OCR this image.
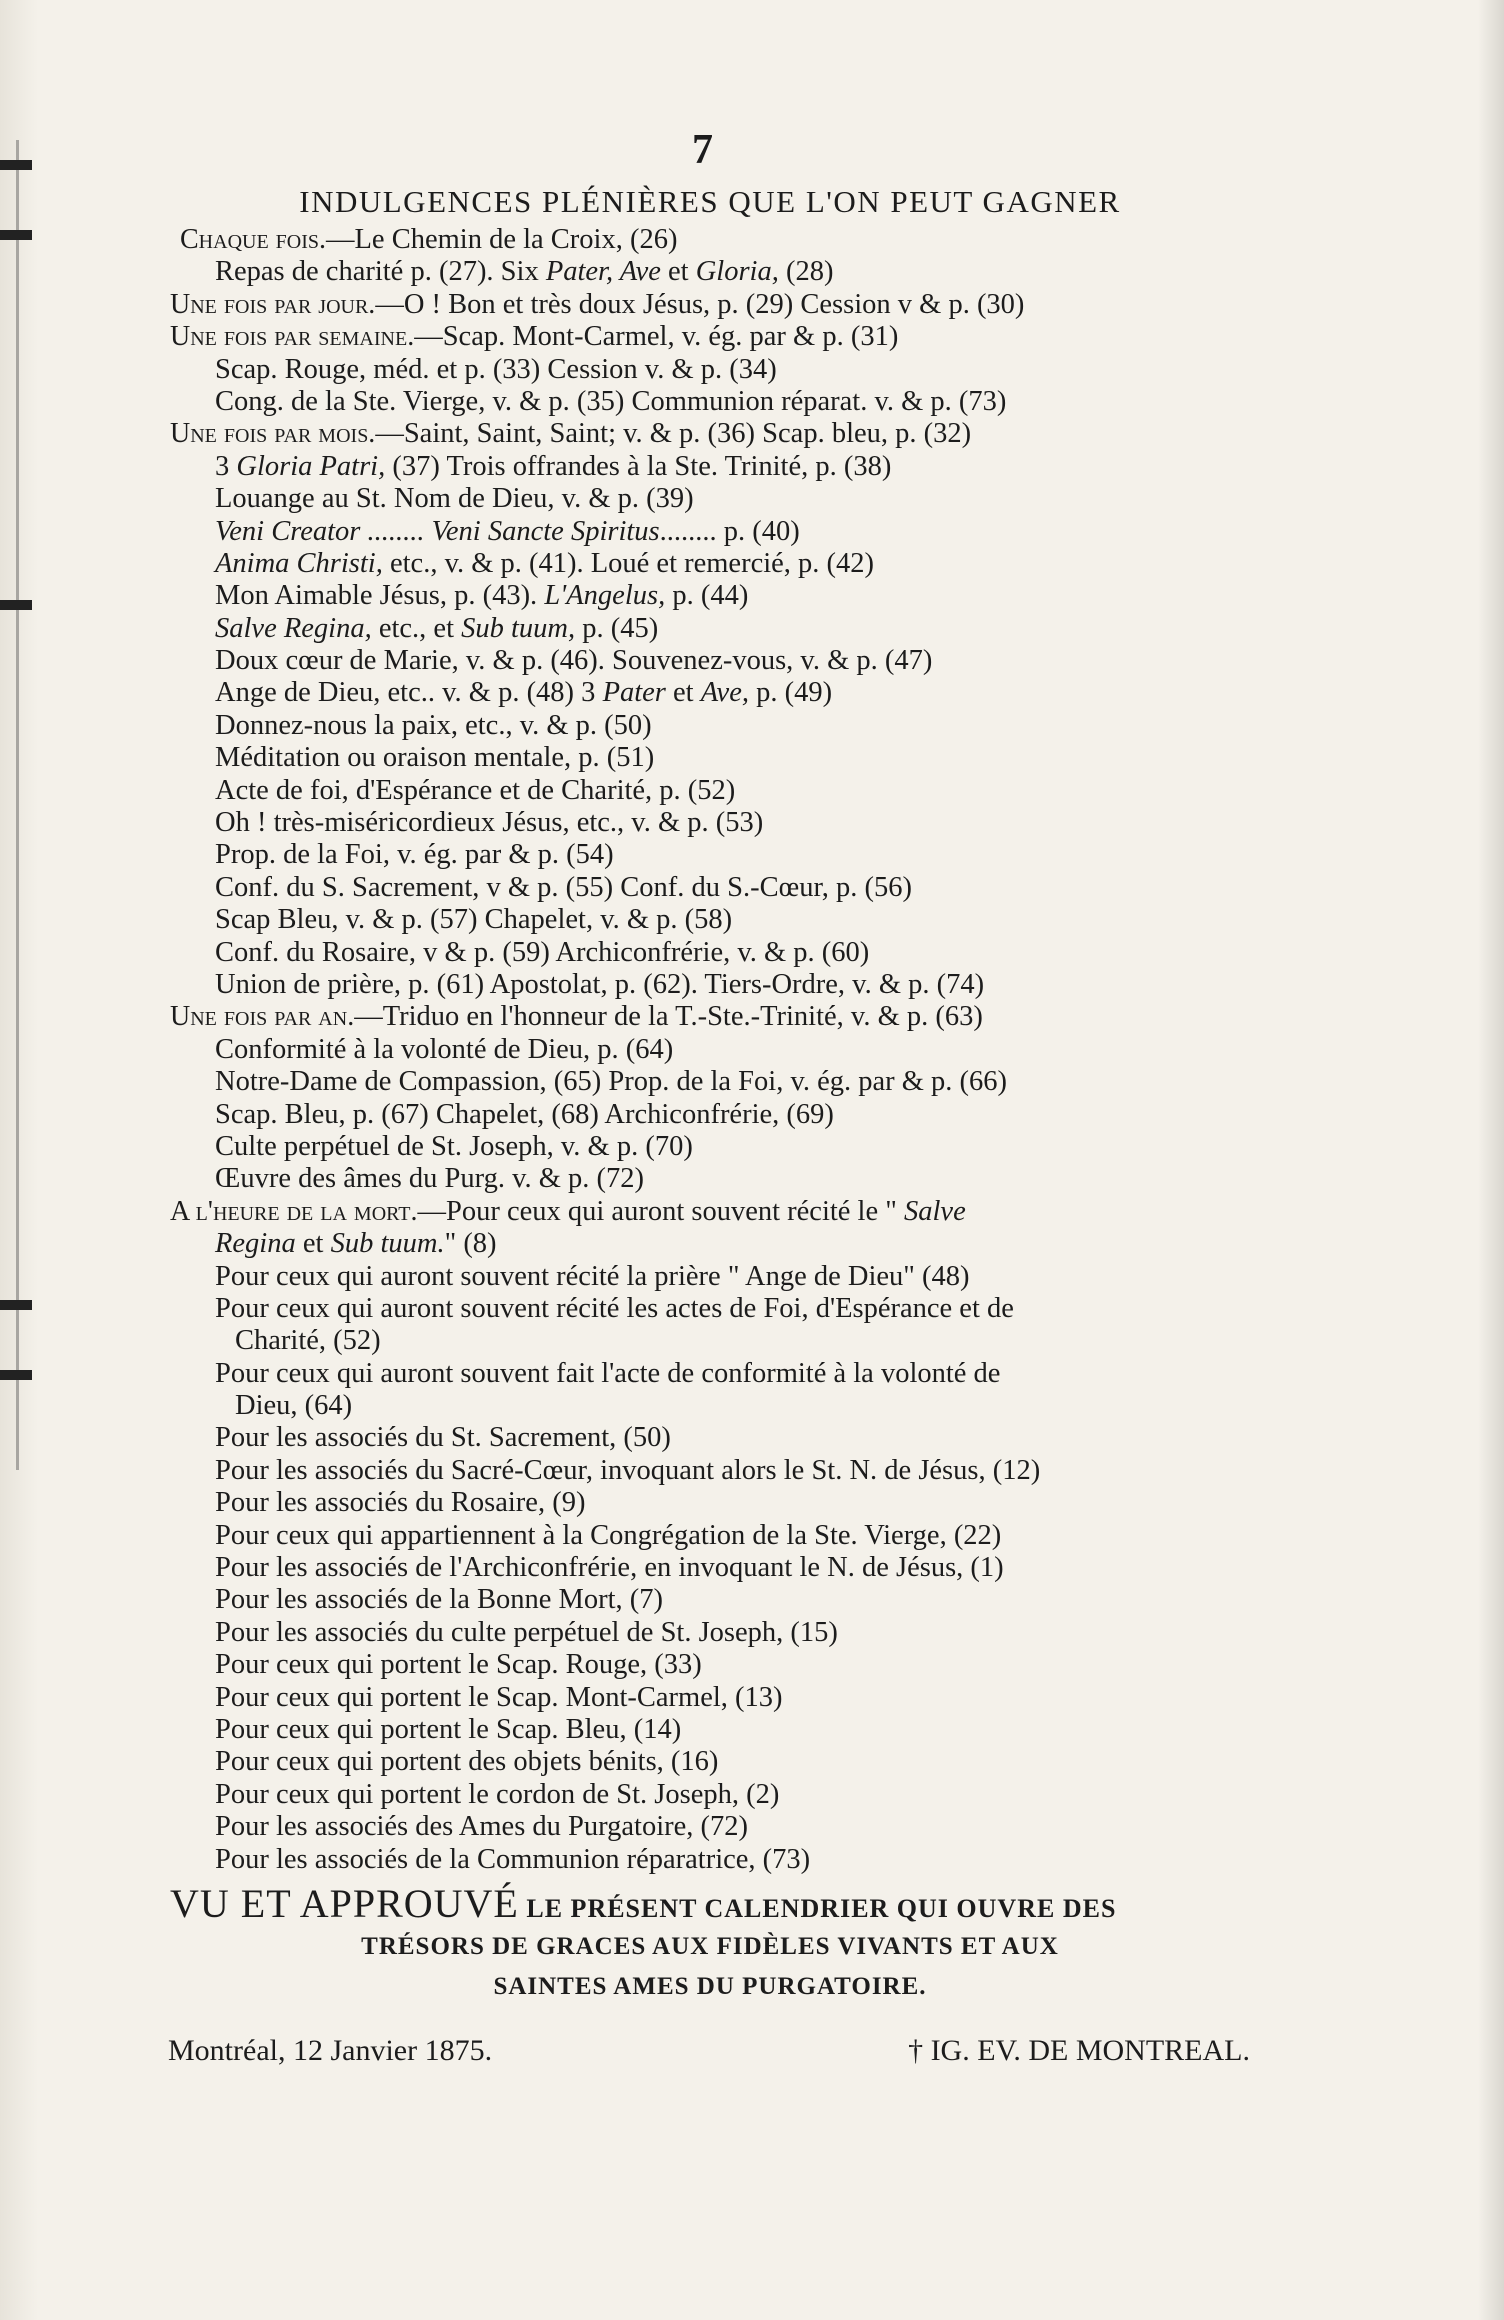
7
INDULGENCES PLÉNIÈRES QUE L'ON PEUT GAGNER
Chaque fois.—Le Chemin de la Croix, (26)
Repas de charité p. (27). Six Pater, Ave et Gloria, (28)
Une fois par jour.—O ! Bon et très doux Jésus, p. (29) Cession v & p. (30)
Une fois par semaine.—Scap. Mont-Carmel, v. ég. par & p. (31)
Scap. Rouge, méd. et p. (33) Cession v. & p. (34)
Cong. de la Ste. Vierge, v. & p. (35) Communion réparat. v. & p. (73)
Une fois par mois.—Saint, Saint, Saint; v. & p. (36) Scap. bleu, p. (32)
3 Gloria Patri, (37) Trois offrandes à la Ste. Trinité, p. (38)
Louange au St. Nom de Dieu, v. & p. (39)
Veni Creator ........ Veni Sancte Spiritus........ p. (40)
Anima Christi, etc., v. & p. (41). Loué et remercié, p. (42)
Mon Aimable Jésus, p. (43). L'Angelus, p. (44)
Salve Regina, etc., et Sub tuum, p. (45)
Doux cœur de Marie, v. & p. (46). Souvenez-vous, v. & p. (47)
Ange de Dieu, etc.. v. & p. (48) 3 Pater et Ave, p. (49)
Donnez-nous la paix, etc., v. & p. (50)
Méditation ou oraison mentale, p. (51)
Acte de foi, d'Espérance et de Charité, p. (52)
Oh ! très-miséricordieux Jésus, etc., v. & p. (53)
Prop. de la Foi, v. ég. par & p. (54)
Conf. du S. Sacrement, v & p. (55) Conf. du S.-Cœur, p. (56)
Scap Bleu, v. & p. (57) Chapelet, v. & p. (58)
Conf. du Rosaire, v & p. (59) Archiconfrérie, v. & p. (60)
Union de prière, p. (61) Apostolat, p. (62). Tiers-Ordre, v. & p. (74)
Une fois par an.—Triduo en l'honneur de la T.-Ste.-Trinité, v. & p. (63)
Conformité à la volonté de Dieu, p. (64)
Notre-Dame de Compassion, (65) Prop. de la Foi, v. ég. par & p. (66)
Scap. Bleu, p. (67) Chapelet, (68) Archiconfrérie, (69)
Culte perpétuel de St. Joseph, v. & p. (70)
Œuvre des âmes du Purg. v. & p. (72)
A l'heure de la mort.—Pour ceux qui auront souvent récité le " Salve
Regina et Sub tuum." (8)
Pour ceux qui auront souvent récité la prière " Ange de Dieu" (48)
Pour ceux qui auront souvent récité les actes de Foi, d'Espérance et de
Charité, (52)
Pour ceux qui auront souvent fait l'acte de conformité à la volonté de
Dieu, (64)
Pour les associés du St. Sacrement, (50)
Pour les associés du Sacré-Cœur, invoquant alors le St. N. de Jésus, (12)
Pour les associés du Rosaire, (9)
Pour ceux qui appartiennent à la Congrégation de la Ste. Vierge, (22)
Pour les associés de l'Archiconfrérie, en invoquant le N. de Jésus, (1)
Pour les associés de la Bonne Mort, (7)
Pour les associés du culte perpétuel de St. Joseph, (15)
Pour ceux qui portent le Scap. Rouge, (33)
Pour ceux qui portent le Scap. Mont-Carmel, (13)
Pour ceux qui portent le Scap. Bleu, (14)
Pour ceux qui portent des objets bénits, (16)
Pour ceux qui portent le cordon de St. Joseph, (2)
Pour les associés des Ames du Purgatoire, (72)
Pour les associés de la Communion réparatrice, (73)
VU ET APPROUVÉ LE PRÉSENT CALENDRIER QUI OUVRE DES
TRÉSORS DE GRACES AUX FIDÈLES VIVANTS ET AUX
SAINTES AMES DU PURGATOIRE.
Montréal, 12 Janvier 1875.	† IG. EV. DE MONTREAL.
